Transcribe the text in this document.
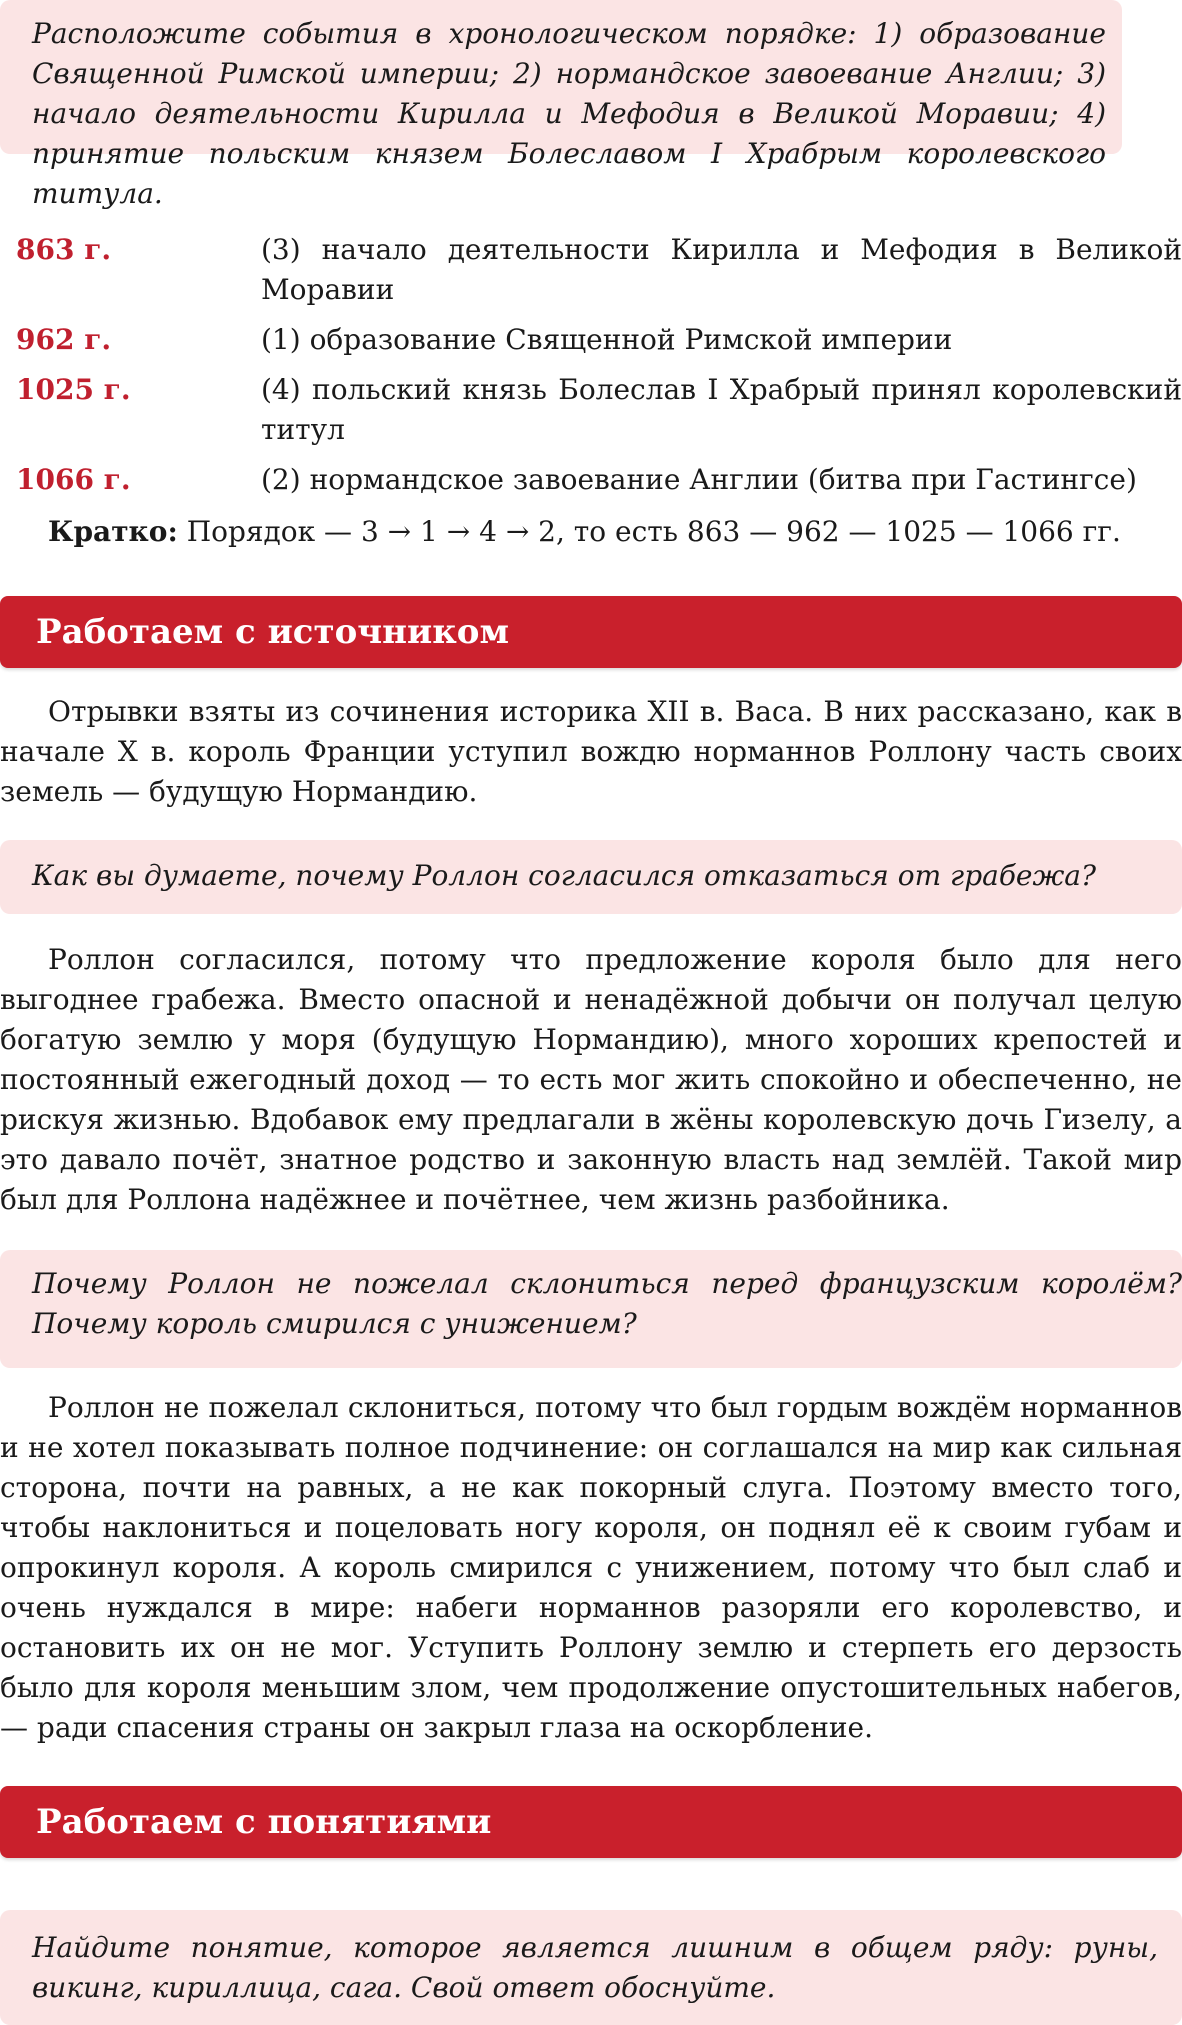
Расположите события в хронологическом порядке: 1) образование Священной Римской империи; 2) нормандское завоевание Англии; 3) начало деятельности Кирилла и Мефодия в Великой Моравии; 4) принятие польским князем Болеславом I Храбрым королевского титула.
863 г.	(3) начало деятельности Кирилла и Мефодия в Великой Моравии
962 г.	(1) образование Священной Римской империи
1025 г.	(4) польский князь Болеслав I Храбрый принял королевский титул
1066 г.	(2) нормандское завоевание Англии (битва при Гастингсе)
Кратко: Порядок — 3 → 1 → 4 → 2, то есть 863 — 962 — 1025 — 1066 гг.
Работаем с источником

Отрывки взяты из сочинения историка XII в. Васа. В них рассказано, как в начале X в. король Франции уступил вождю норманнов Роллону часть своих земель — будущую Нормандию.

Как вы думаете, почему Роллон согласился отказаться от грабежа?

Роллон согласился, потому что предложение короля было для него выгоднее грабежа. Вместо опасной и ненадёжной добычи он получал целую богатую землю у моря (будущую Нормандию), много хороших крепостей и постоянный ежегодный доход — то есть мог жить спокойно и обеспеченно, не рискуя жизнью. Вдобавок ему предлагали в жёны королевскую дочь Гизелу, а это давало почёт, знатное родство и законную власть над землёй. Такой мир был для Роллона надёжнее и почётнее, чем жизнь разбойника.

Почему Роллон не пожелал склониться перед французским королём? Почему король смирился с унижением?

Роллон не пожелал склониться, потому что был гордым вождём норманнов и не хотел показывать полное подчинение: он соглашался на мир как сильная сторона, почти на равных, а не как покорный слуга. Поэтому вместо того, чтобы наклониться и поцеловать ногу короля, он поднял её к своим губам и опрокинул короля. А король смирился с унижением, потому что был слаб и очень нуждался в мире: набеги норманнов разоряли его королевство, и остановить их он не мог. Уступить Роллону землю и стерпеть его дерзость было для короля меньшим злом, чем продолжение опустошительных набегов, — ради спасения страны он закрыл глаза на оскорбление.

Работаем с понятиями
Найдите понятие, которое является лишним в общем ряду: руны, викинг, кириллица, сага. Свой ответ обоснуйте.
